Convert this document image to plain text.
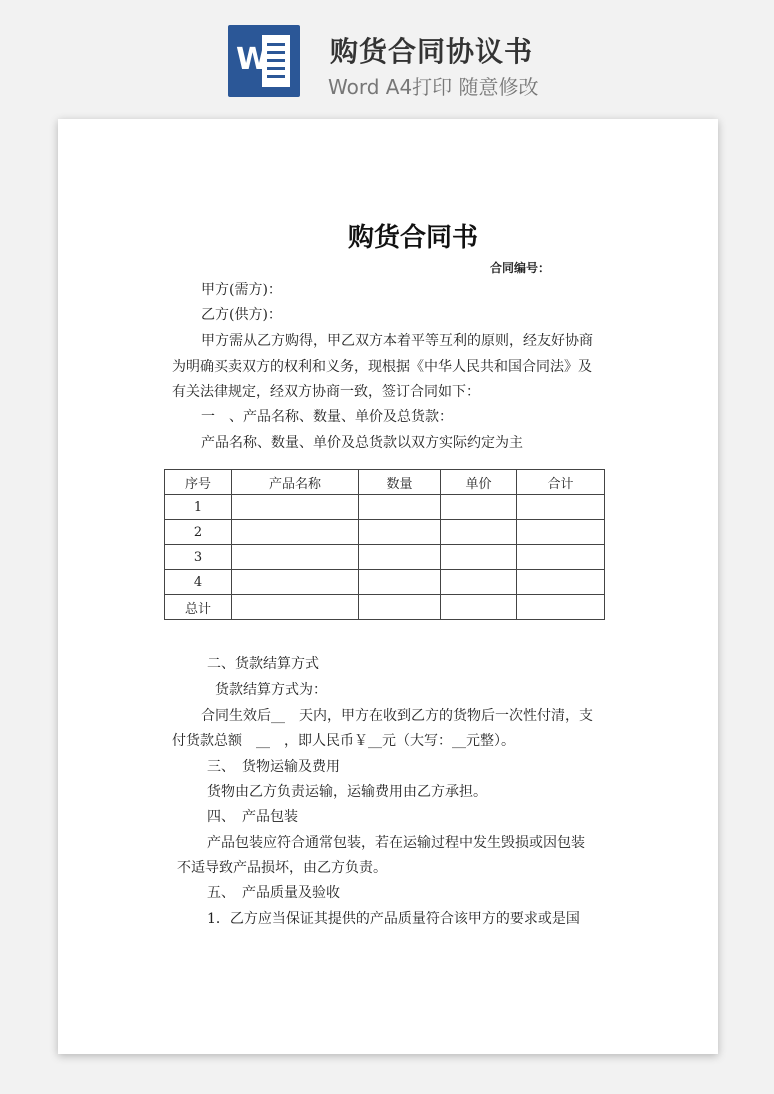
W 购货合同协议书
Word A4打印 随意修改
购货合同书
合同编号：
甲方(需方)：
乙方(供方)：
甲方需从乙方购得，甲乙双方本着平等互利的原则，经友好协商
为明确买卖双方的权利和义务，现根据《中华人民共和国合同法》及
有关法律规定，经双方协商一致，签订合同如下：
一　、产品名称、数量、单价及总货款：
产品名称、数量、单价及总货款以双方实际约定为主
序号	产品名称	数量	单价	合计
1				
2				
3				
4				
总计				
二、货款结算方式
货款结算方式为：
合同生效后__　天内，甲方在收到乙方的货物后一次性付清，支
付货款总额　__　，即人民币￥__元（大写：__元整）。
三、　货物运输及费用
货物由乙方负责运输，运输费用由乙方承担。
四、　产品包装
产品包装应符合通常包装，若在运输过程中发生毁损或因包装
不适导致产品损坏，由乙方负责。
五、　产品质量及验收
1．乙方应当保证其提供的产品质量符合该甲方的要求或是国
